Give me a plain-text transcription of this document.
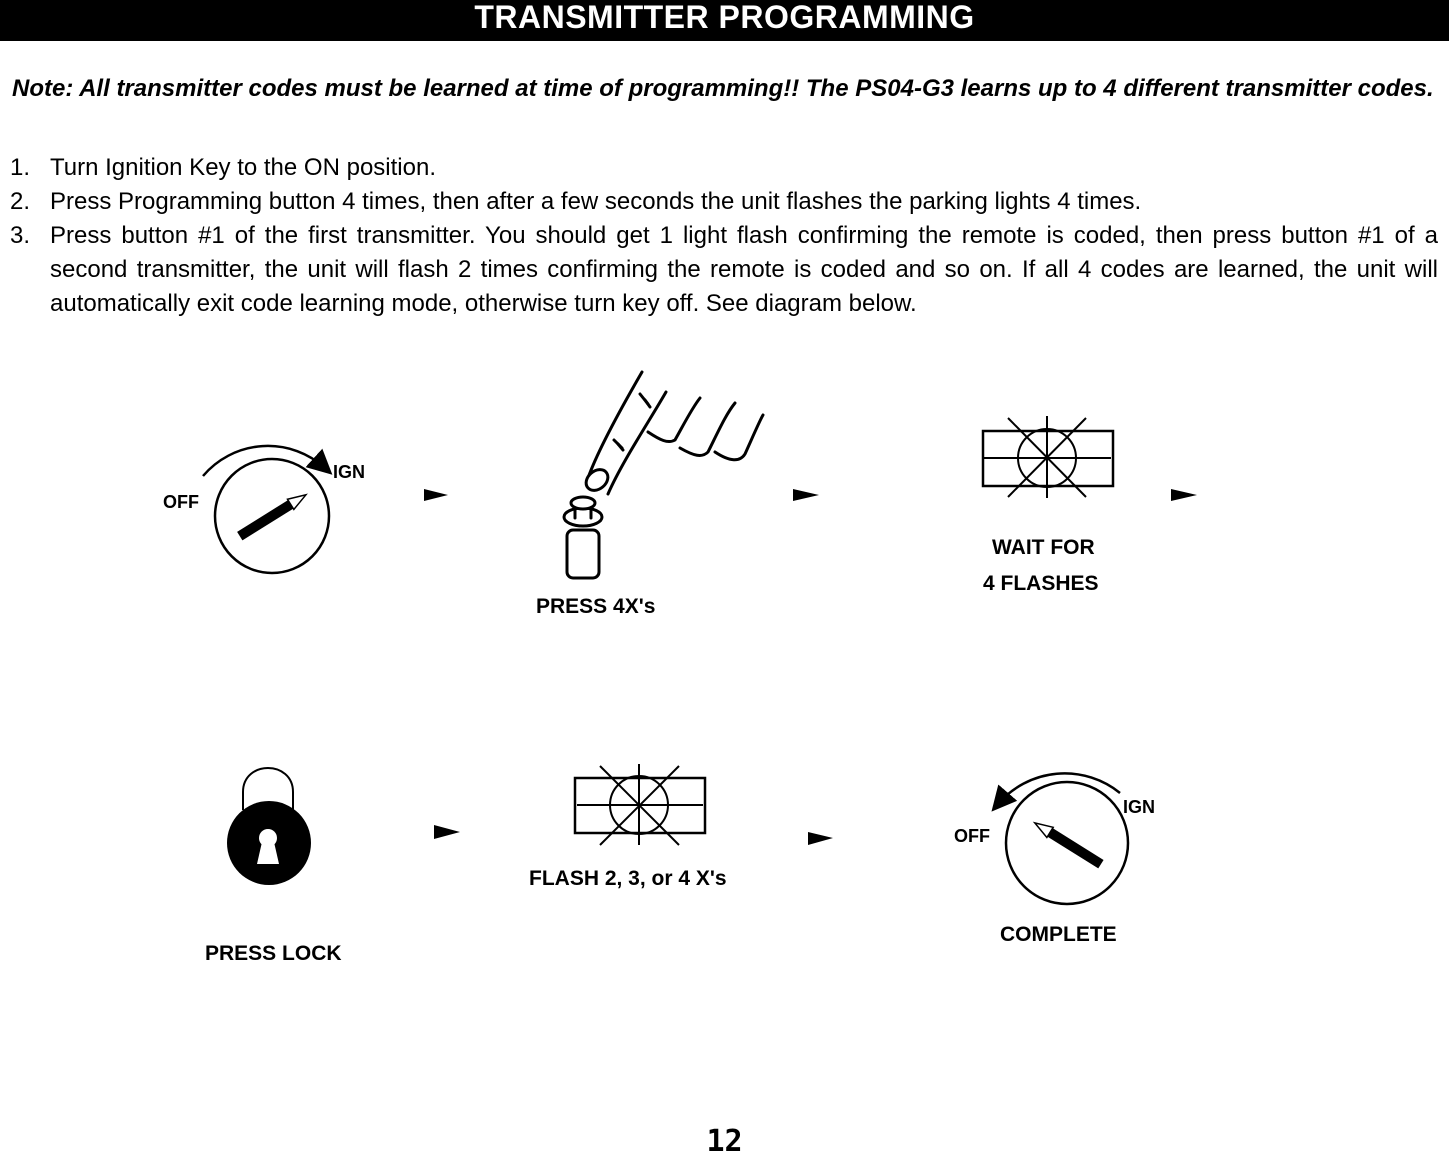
TRANSMITTER PROGRAMMING

Note: All transmitter codes must be learned at time of programming!! The PS04-G3 learns up to 4 different transmitter codes.

1. Turn Ignition Key to the ON position.
2. Press Programming button 4 times, then after a few seconds the unit flashes the parking lights 4 times.
3. Press button #1 of the first transmitter. You should get 1 light flash confirming the remote is coded, then press button #1 of a second transmitter, the unit will flash 2 times confirming the remote is coded and so on. If all 4 codes are learned, the unit will automatically exit code learning mode, otherwise turn key off. See diagram below.
OFF
IGN
PRESS 4X's
WAIT FOR
4 FLASHES
PRESS LOCK
FLASH 2, 3, or 4 X's
OFF
IGN
COMPLETE
12
